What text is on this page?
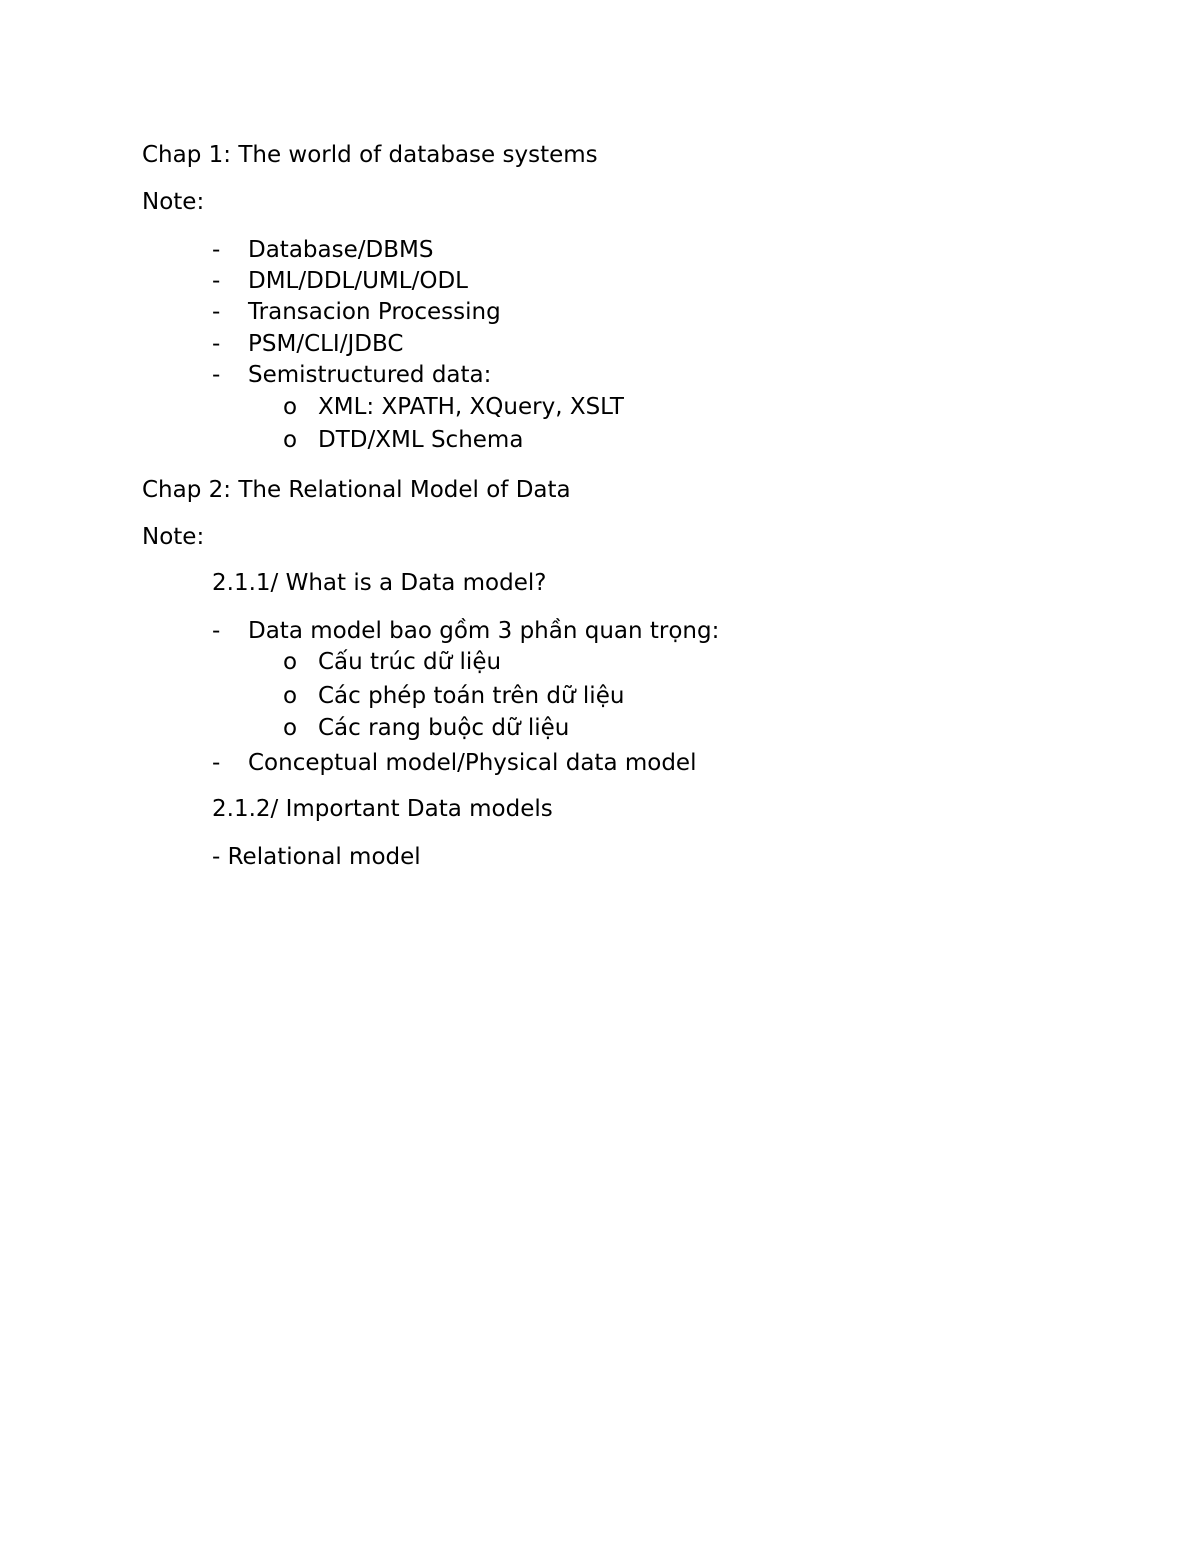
Chap 1: The world of database systems
Note:
- Database/DBMS
- DML/DDL/UML/ODL
- Transacion Processing
- PSM/CLI/JDBC
- Semistructured data:
o XML: XPATH, XQuery, XSLT
o DTD/XML Schema
Chap 2: The Relational Model of Data
Note:
2.1.1/ What is a Data model?
- Data model bao gồm 3 phần quan trọng:
o Cấu trúc dữ liệu
o Các phép toán trên dữ liệu
o Các rang buộc dữ liệu
- Conceptual model/Physical data model
2.1.2/ Important Data models
- Relational model
